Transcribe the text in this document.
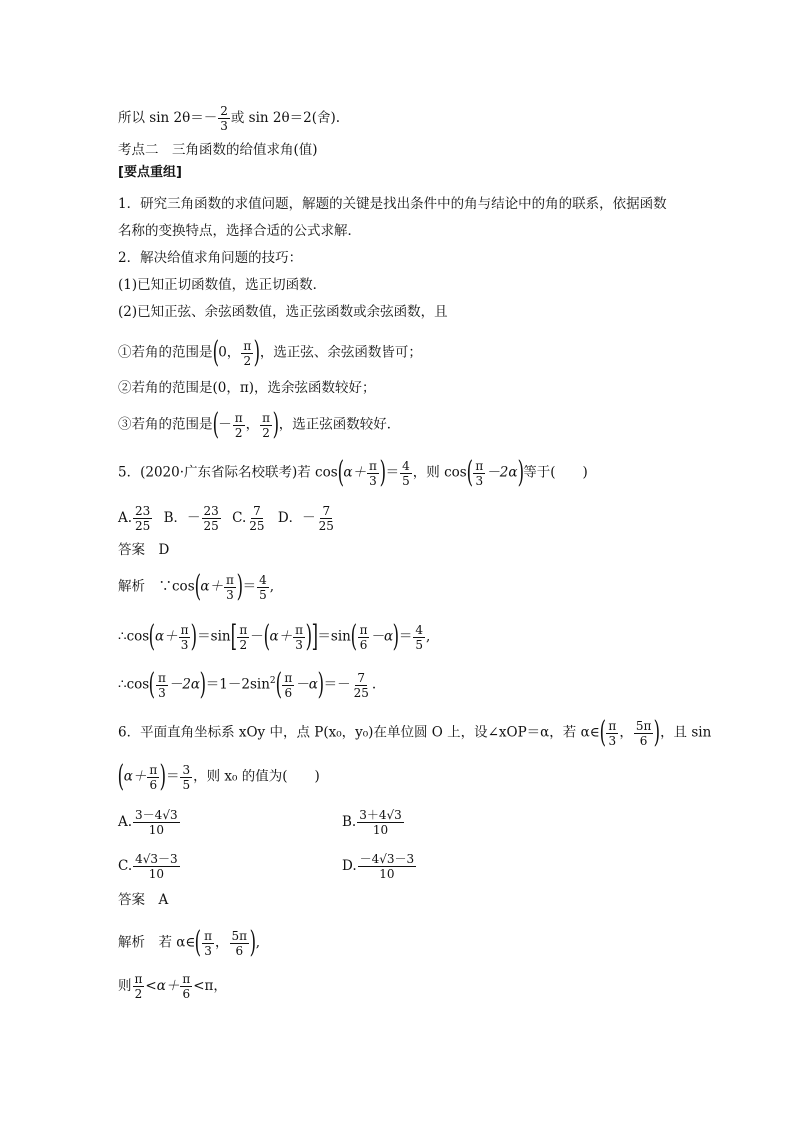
所以 $\sin 2\theta=- \frac{2}{3}$ 或 sin 2θ＝2(舍).
考点二　三角函数的给值求角(值)
[要点重组]
1．研究三角函数的求值问题，解题的关键是找出条件中的角与结论中的角的联系，依据函数
名称的变换特点，选择合适的公式求解．
2．解决给值求角问题的技巧：
(1)已知正切函数值，选正切函数．
(2)已知正弦、余弦函数值，选正弦函数或余弦函数，且
①若角的范围是(0， $\frac{\pi}{2}$ )，选正弦、余弦函数皆可；
②若角的范围是(0，π)，选余弦函数较好；
③若角的范围是(－ $\frac{\pi}{2}$ ， $\frac{\pi}{2}$ )，选正弦函数较好．
5．(2020·广东省际名校联考)若 $\cos(\alpha+ \frac{\pi}{3}$ )＝ $\frac{4}{5}$ ，则 $\cos( \frac{\pi}{3} -2\alpha)$等于(　　)
A. $\frac{23}{25}$ B．－ $\frac{23}{25} C$. $\frac{7}{25}$ D．－ $\frac{7}{25}$
答案　D
解析　∵cos(α＋ $\frac{\pi}{3}$ )＝ $\frac{4}{5}$ ,
∴cos(α＋ $\frac{\pi}{3} )=\sin[ \frac{\pi}{2} -(\alpha+ \frac{\pi}{3} )]=\sin( \frac{\pi}{6} -\alpha)= \frac{4}{5}$ ,
∴cos( $\frac{\pi}{3} -2\alpha)=1-2\sin^2( \frac{\pi}{6} -\alpha)=- \frac{7}{25}$ .
6．平面直角坐标系 xOy 中，点 P(x₀，y₀)在单位圆 O 上，设∠xOP＝α，若 α∈( $\frac{\pi}{3}$ ， $\frac{5\pi}{6}$ )，且 sin
($\alpha+ \frac{\pi}{6}$ )＝ $\frac{3}{5}$ ，则 x₀ 的值为(　　)
A. $\frac{3-4√3}{10}$	B. $\frac{3+4√3}{10}$
C. $\frac{4√3-3}{10}$	D. $\frac{-4√3-3}{10}$
答案　A
解析　若 α∈( $\frac{\pi}{3}$ ， $\frac{5\pi}{6}$ ),
则 $\frac{\pi}{2} <\alpha+ \frac{\pi}{6} <\pi$，
